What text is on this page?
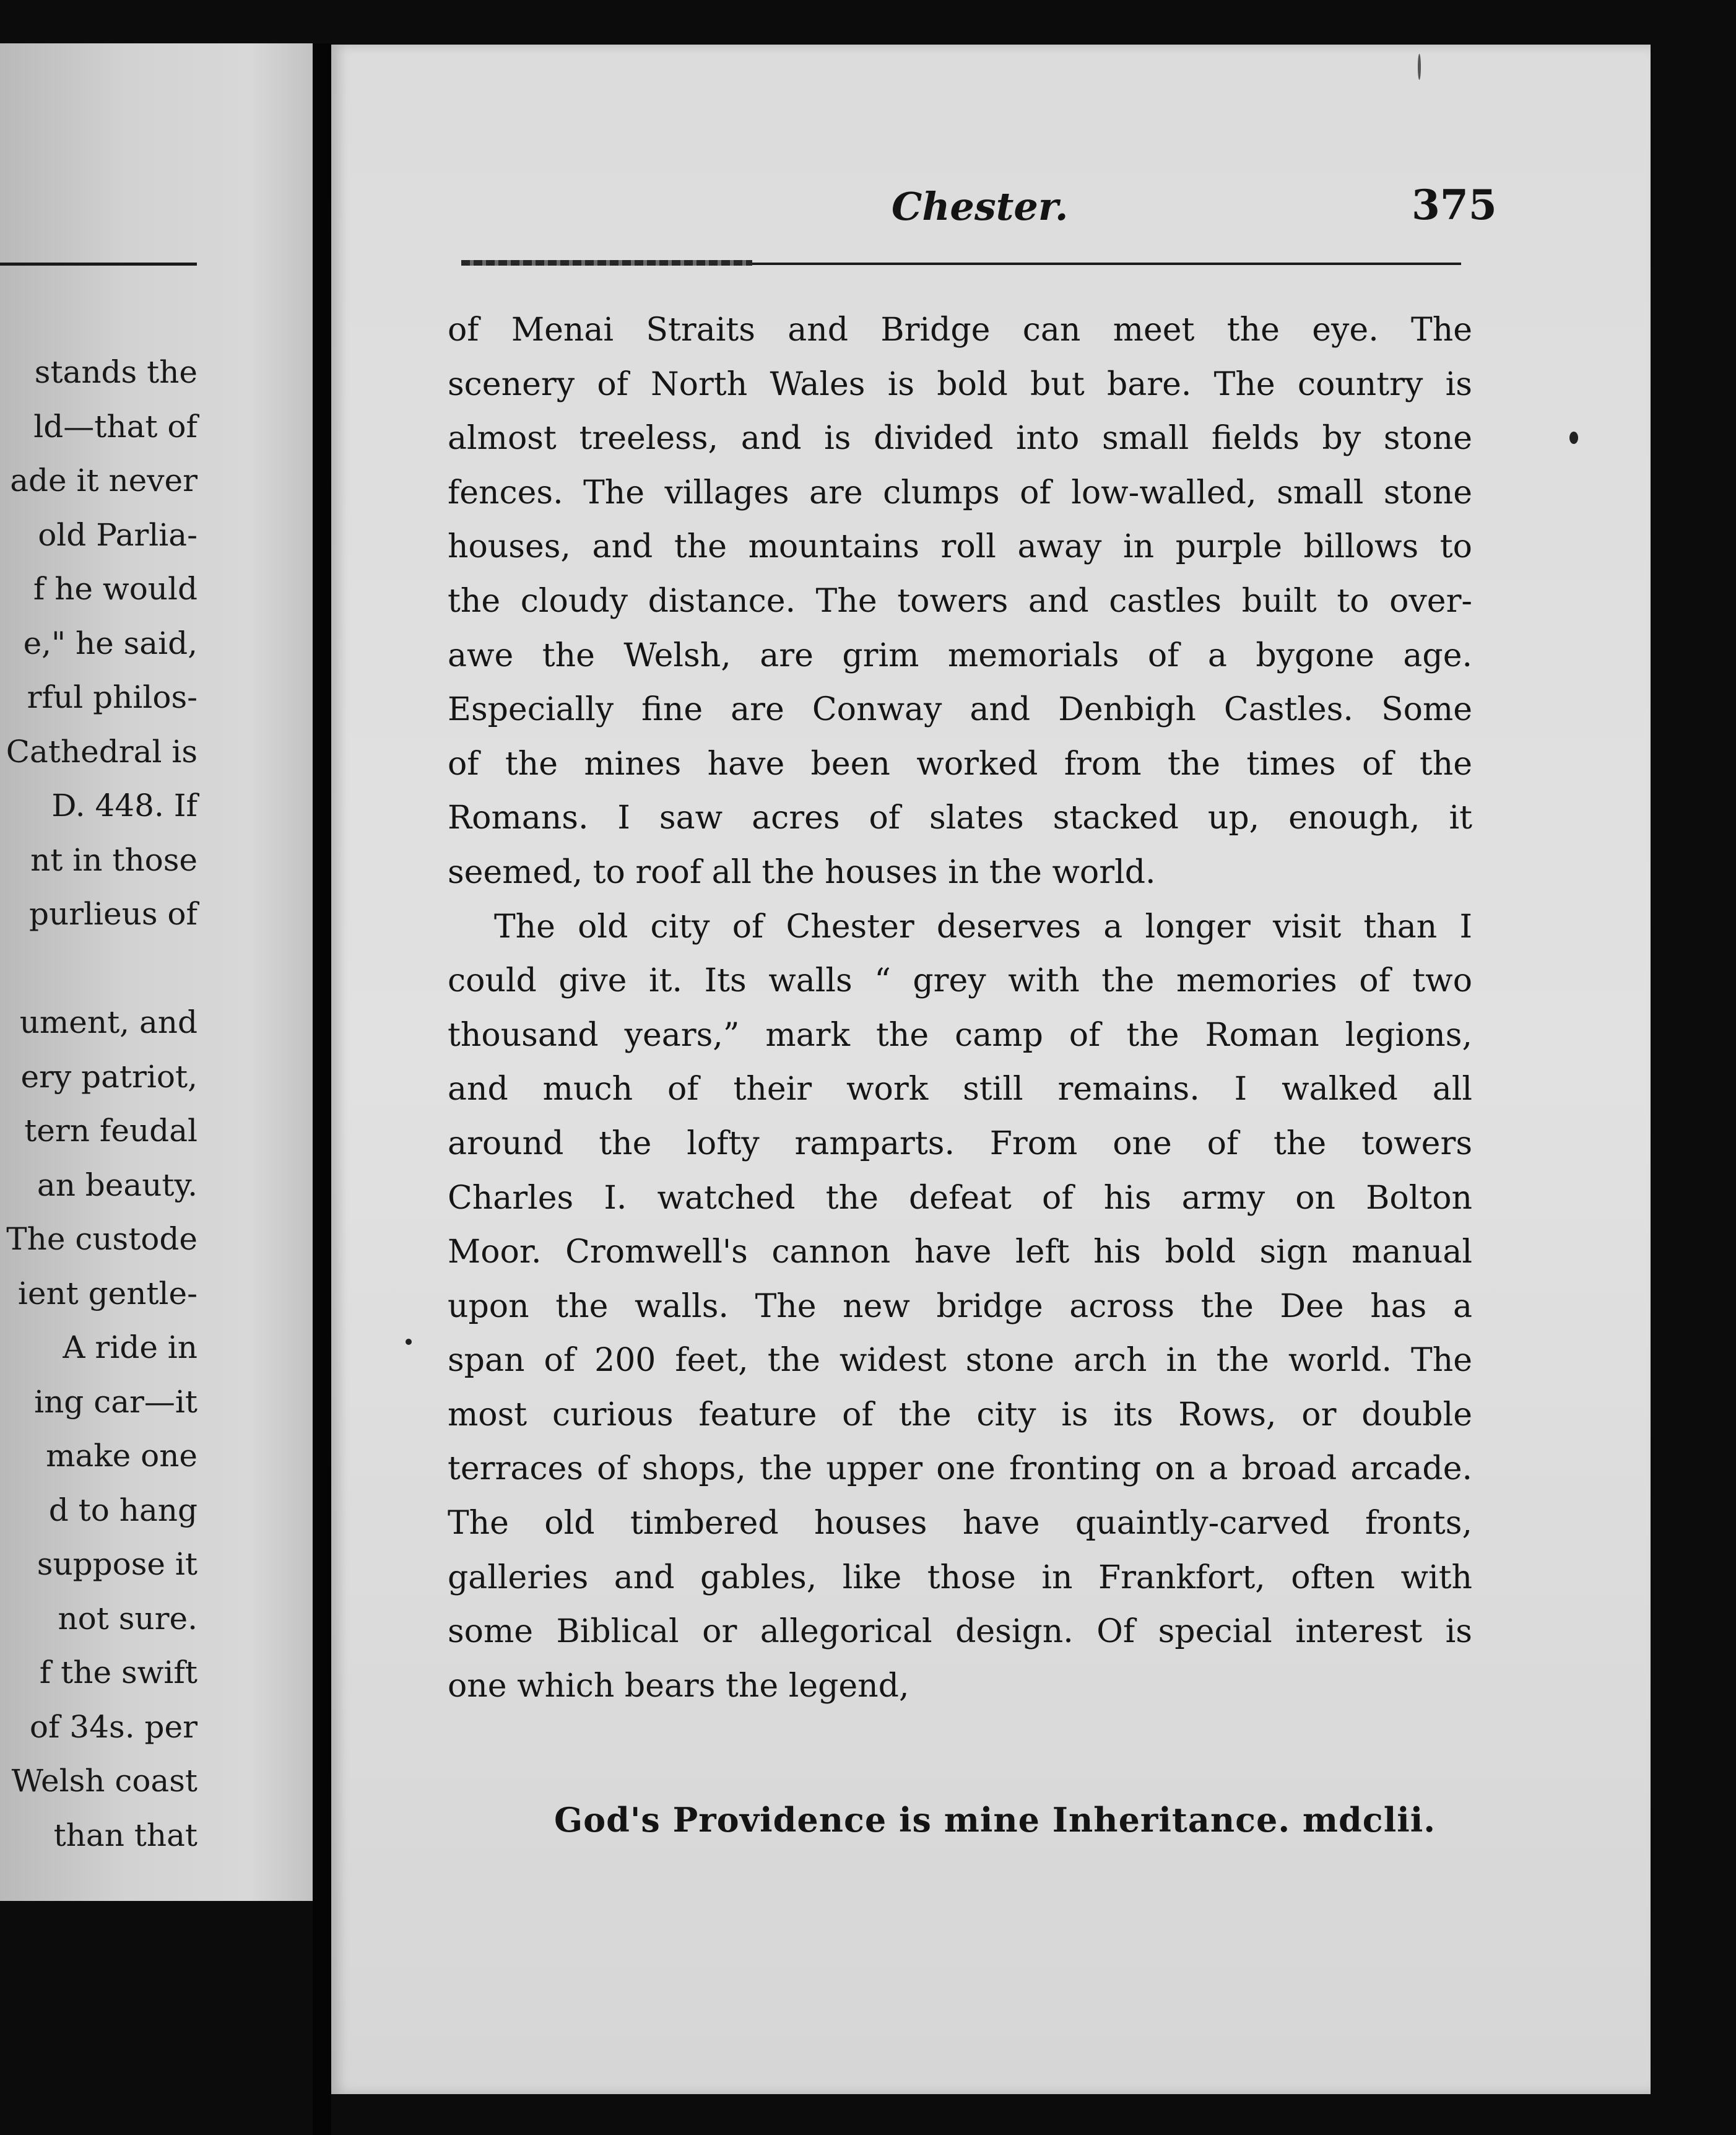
stands the
ld—that of
ade it never
old Parlia-
f he would
e," he said,
rful philos-
Cathedral is
D. 448. If
nt in those
purlieus of
ument, and
ery patriot,
tern feudal
an beauty.
The custode
ient gentle-
A ride in
ing car—it
make one
d to hang
suppose it
not sure.
f the swift
of 34s. per
Welsh coast
than that
Chester.	375
of Menai Straits and Bridge can meet the eye. The
scenery of North Wales is bold but bare. The country is
almost treeless, and is divided into small fields by stone
fences. The villages are clumps of low-walled, small stone
houses, and the mountains roll away in purple billows to
the cloudy distance. The towers and castles built to over-
awe the Welsh, are grim memorials of a bygone age.
Especially fine are Conway and Denbigh Castles. Some
of the mines have been worked from the times of the
Romans. I saw acres of slates stacked up, enough, it
seemed, to roof all the houses in the world.
The old city of Chester deserves a longer visit than I
could give it. Its walls “ grey with the memories of two
thousand years,” mark the camp of the Roman legions,
and much of their work still remains. I walked all
around the lofty ramparts. From one of the towers
Charles I. watched the defeat of his army on Bolton
Moor. Cromwell's cannon have left his bold sign manual
upon the walls. The new bridge across the Dee has a
span of 200 feet, the widest stone arch in the world. The
most curious feature of the city is its Rows, or double
terraces of shops, the upper one fronting on a broad arcade.
The old timbered houses have quaintly-carved fronts,
galleries and gables, like those in Frankfort, often with
some Biblical or allegorical design. Of special interest is
one which bears the legend,
God's Providence is mine Inheritance. mdclii.
